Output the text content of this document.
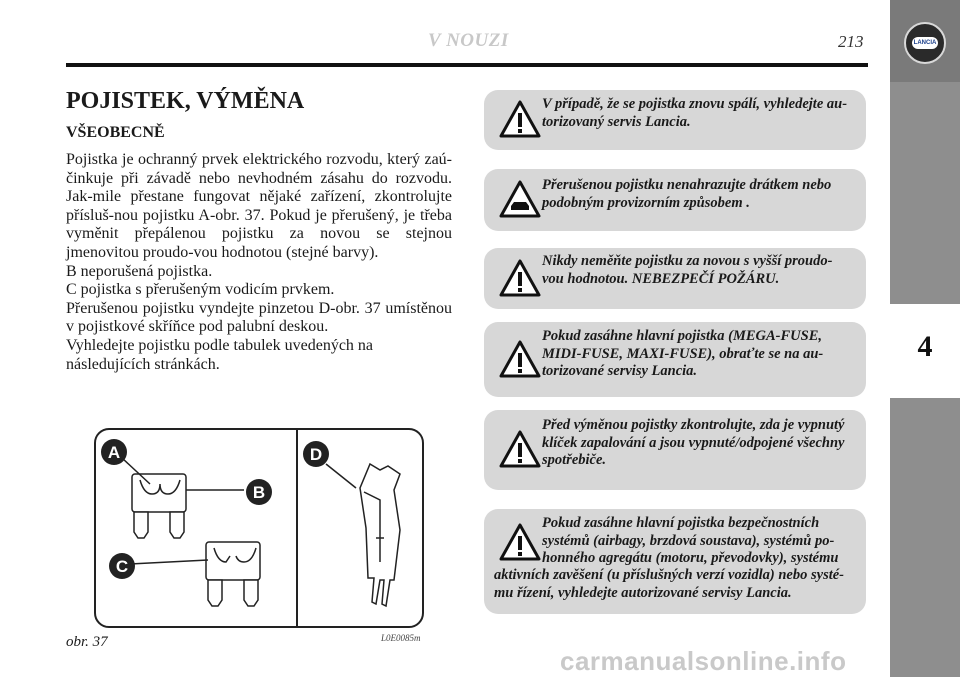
V NOUZI	213	LANCIA
4
POJISTEK, VÝMĚNA
VŠEOBECNĚ

Pojistka je ochranný prvek elektrického rozvodu, který zaú-činkuje při závadě nebo nevhodném zásahu do rozvodu. Jak-mile přestane fungovat nějaké zařízení, zkontrolujte přísluš-nou pojistku A-obr. 37. Pokud je přerušený, je třeba vyměnit přepálenou pojistku za novou se stejnou jmenovitou proudo-vou hodnotou (stejné barvy).

B neporušená pojistka.

C pojistka s přerušeným vodicím prvkem.

Přerušenou pojistku vyndejte pinzetou D-obr. 37 umístěnou v pojistkové skříňce pod palubní deskou.

Vyhledejte pojistku podle tabulek uvedených na následujících stránkách.

A
B
C
D
obr. 37	L0E0085m
V případě, že se pojistka znovu spálí, vyhledejte au-torizovaný servis Lancia.
Přerušenou pojistku nenahrazujte drátkem nebo podobným provizorním způsobem .
Nikdy neměňte pojistku za novou s vyšší proudo-vou hodnotou. NEBEZPEČÍ POŽÁRU.
Pokud zasáhne hlavní pojistka (MEGA-FUSE, MIDI-FUSE, MAXI-FUSE), obraťte se na au-torizované servisy Lancia.
Před výměnou pojistky zkontrolujte, zda je vypnutý klíček zapalování a jsou vypnuté/odpojené všechny spotřebiče.
Pokud zasáhne hlavní pojistka bezpečnostních systémů (airbagy, brzdová soustava), systémů po-honného agregátu (motoru, převodovky), systému
aktivních zavěšení (u příslušných verzí vozidla) nebo systé-mu řízení, vyhledejte autorizované servisy Lancia.
carmanualsonline.info
